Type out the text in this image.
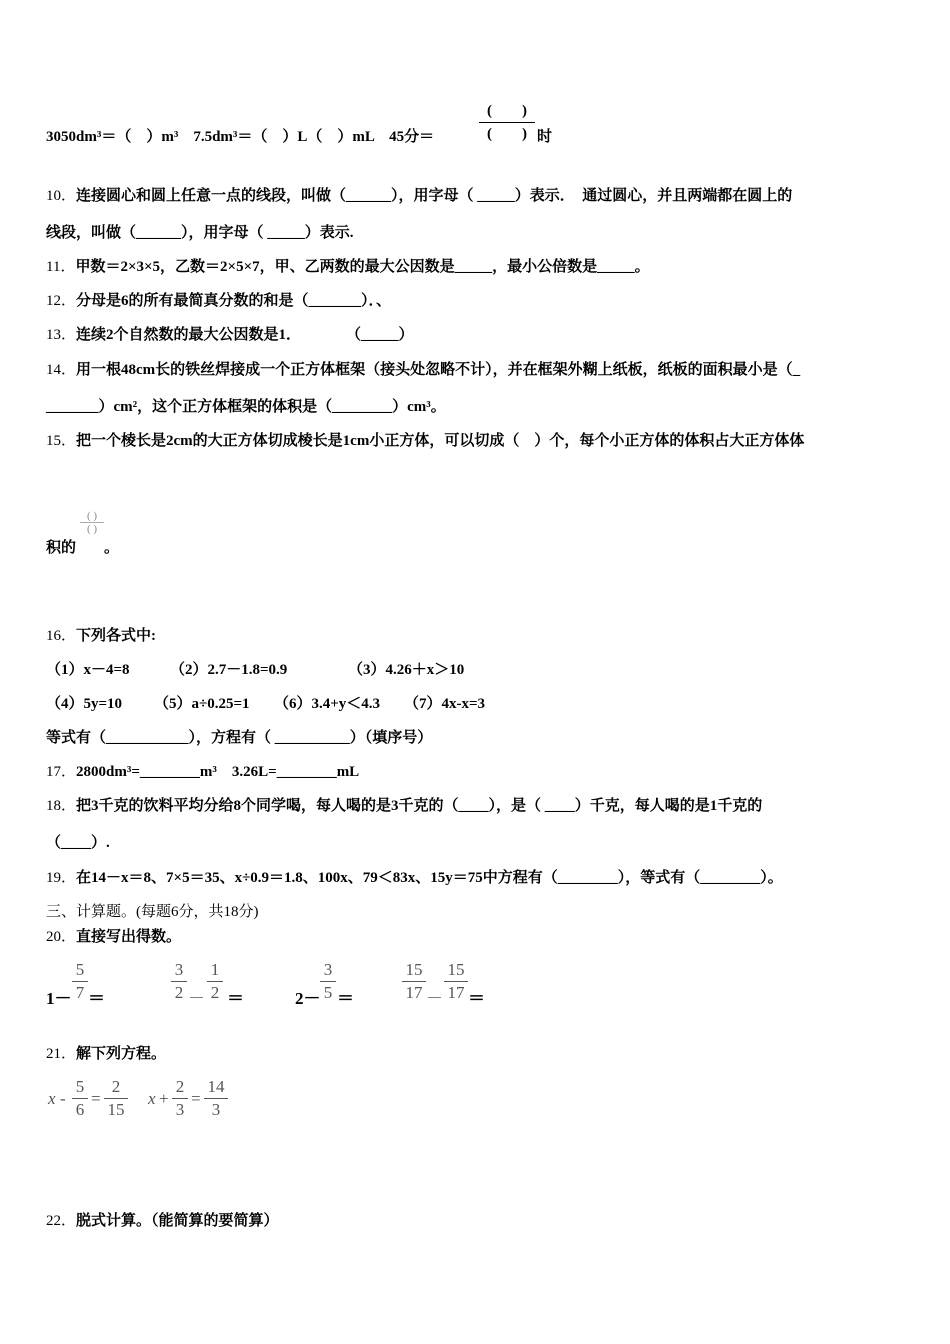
3050dm³＝（　）m³　7.5dm³＝（　）L（　）mL　45分＝
(　　)
(　　) 时
10．连接圆心和圆上任意一点的线段，叫做（______），用字母（ _____）表示．　通过圆心，并且两端都在圆上的
线段，叫做（______），用字母（ _____）表示.
11．甲数＝2×3×5，乙数＝2×5×7，甲、乙两数的最大公因数是_____，最小公倍数是_____。
12．分母是6的所有最简真分数的和是（_______）．、
13．连续2个自然数的最大公因数是1．　　　　（_____）
14．用一根48cm长的铁丝焊接成一个正方体框架（接头处忽略不计），并在框架外糊上纸板，纸板的面积最小是（_
_______）cm²，这个正方体框架的体积是（________）cm³。
15．把一个棱长是2cm的大正方体切成棱长是1cm小正方体，可以切成（　）个，每个小正方体的体积占大正方体体
( )
( )
积的 。
16．下列各式中:
（1）x－4=8	（2）2.7－1.8=0.9	（3）4.26＋x＞10
（4）5y=10 （5）a÷0.25=1 （6）3.4+y＜4.3 （7）4x-x=3
等式有（___________），方程有（ __________）（填序号）
17．2800dm³=________m³　3.26L=________mL
18．把3千克的饮料平均分给8个同学喝，每人喝的是3千克的（____），是（ ____）千克，每人喝的是1千克的
（____）.
19．在14－x＝8、7×5＝35、x÷0.9＝1.8、100x、79＜83x、15y＝75中方程有（________），等式有（________）。
三、计算题。(每题6分，共18分)
20．直接写出得数。
1－
5
7 ＝
3
2 －
1
2 ＝	2－
3
5 ＝
15
17 －
15
17 ＝
21．解下列方程。
x -
5
6
=
2
15
x +
2
3
=
14
3
22．脱式计算。（能简算的要简算）
